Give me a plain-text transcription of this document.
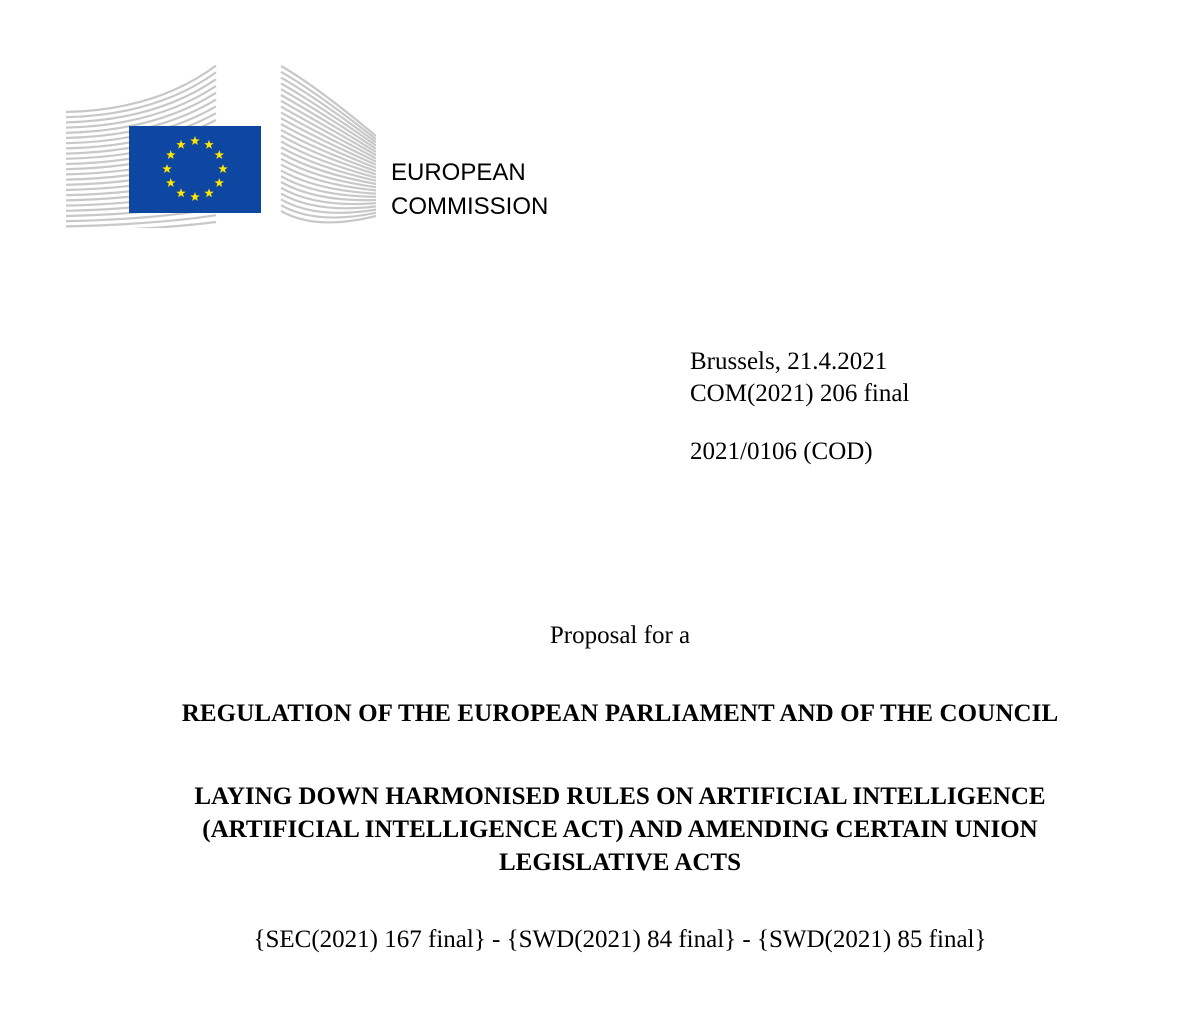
EUROPEAN
COMMISSION
Brussels, 21.4.2021
COM(2021) 206 final
2021/0106 (COD)
Proposal for a
REGULATION OF THE EUROPEAN PARLIAMENT AND OF THE COUNCIL
LAYING DOWN HARMONISED RULES ON ARTIFICIAL INTELLIGENCE
(ARTIFICIAL INTELLIGENCE ACT) AND AMENDING CERTAIN UNION
LEGISLATIVE ACTS
{SEC(2021) 167 final} - {SWD(2021) 84 final} - {SWD(2021) 85 final}
